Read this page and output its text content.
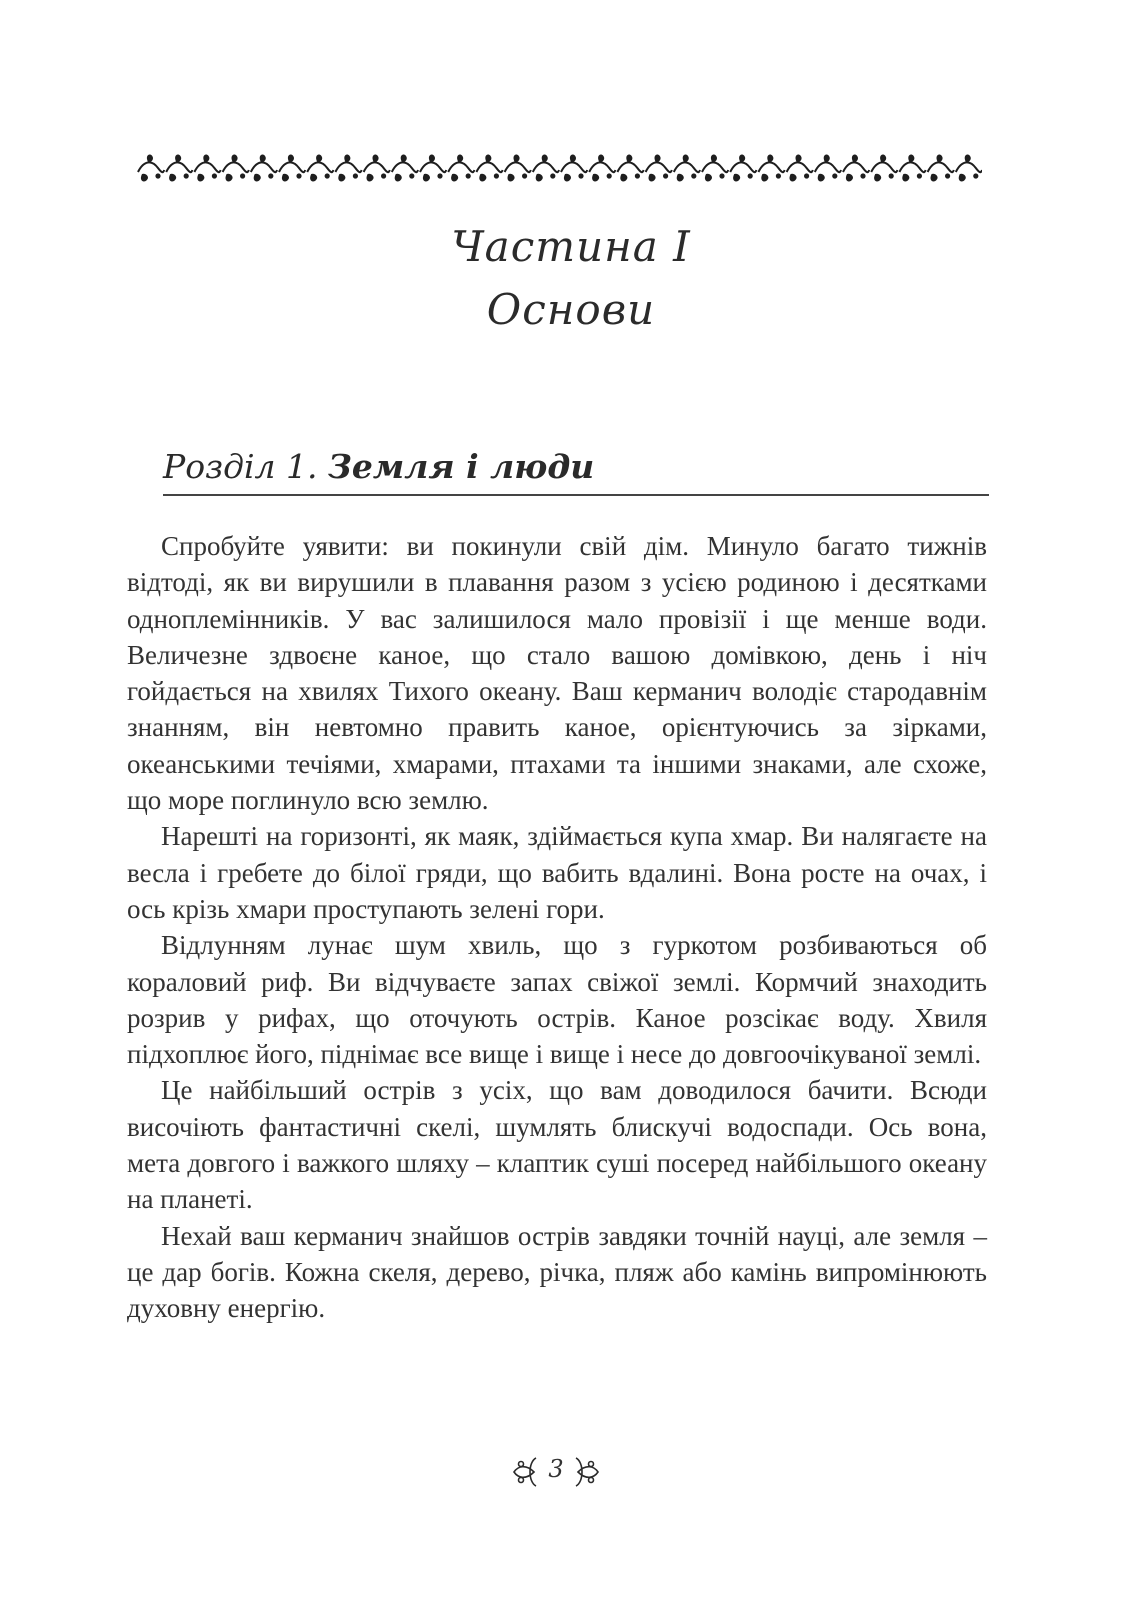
Частина І
Основи
Розділ 1. Земля і люди

Спробуйте уявити: ви покинули свій дім. Минуло багато тижнів відтоді, як ви вирушили в плавання разом з усією родиною і десятками одноплемінників. У вас залишилося мало провізії і ще менше води. Величезне здвоєне каное, що стало вашою домівкою, день і ніч гойдається на хвилях Тихого океану. Ваш керманич володіє стародавнім знанням, він невтомно править каное, орієнтуючись за зірками, океанськими течіями, хмарами, птахами та іншими знаками, але схоже, що море поглинуло всю землю.

Нарешті на горизонті, як маяк, здіймається купа хмар. Ви налягаєте на весла і гребете до білої гряди, що вабить вдалині. Вона росте на очах, і ось крізь хмари проступають зелені гори.

Відлунням лунає шум хвиль, що з гуркотом розбиваються об кораловий риф. Ви відчуваєте запах свіжої землі. Кормчий знаходить розрив у рифах, що оточують острів. Каное розсікає воду. Хвиля підхоплює його, піднімає все вище і вище і несе до довгоочікуваної землі.

Це найбільший острів з усіх, що вам доводилося бачити. Всюди височіють фантастичні скелі, шумлять блискучі водоспади. Ось вона, мета довгого і важкого шляху – клаптик суші посеред найбільшого океану на планеті.

Нехай ваш керманич знайшов острів завдяки точній науці, але земля – це дар богів. Кожна скеля, дерево, річка, пляж або камінь випромінюють духовну енергію.

3
